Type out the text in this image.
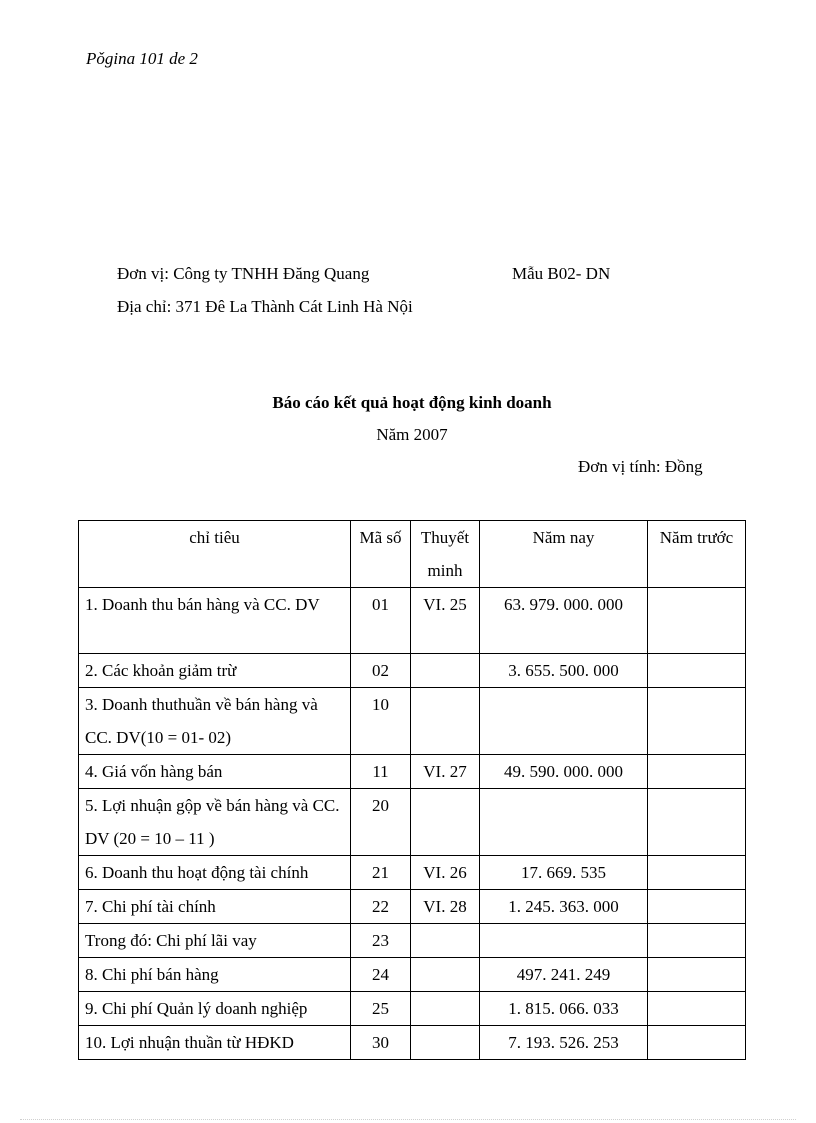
Pǒgina 101 de 2
Đơn vị: Công ty TNHH Đăng Quang	Mẫu B02- DN
Địa chỉ: 371 Đê La Thành Cát Linh Hà Nội
Báo cáo kết quả hoạt động kinh doanh
Năm 2007
Đơn vị tính: Đồng
chỉ tiêu	Mã số	Thuyết minh	Năm nay	Năm trước
1. Doanh thu bán hàng và CC. DV	01	VI. 25	63. 979. 000. 000	
2. Các khoản giảm trừ	02		3. 655. 500. 000	
3. Doanh thuthuần về bán hàng và CC. DV(10 = 01- 02)	10			
4. Giá vốn hàng bán	11	VI. 27	49. 590. 000. 000	
5. Lợi nhuận gộp về bán hàng và CC. DV (20 = 10 – 11 )	20			
6. Doanh thu hoạt động tài chính	21	VI. 26	17. 669. 535	
7. Chi phí tài chính	22	VI. 28	1. 245. 363. 000	
Trong đó: Chi phí lãi vay	23			
8. Chi phí bán hàng	24		497. 241. 249	
9. Chi phí Quản lý doanh nghiệp	25		1. 815. 066. 033	
10. Lợi nhuận thuần từ HĐKD	30		7. 193. 526. 253	
